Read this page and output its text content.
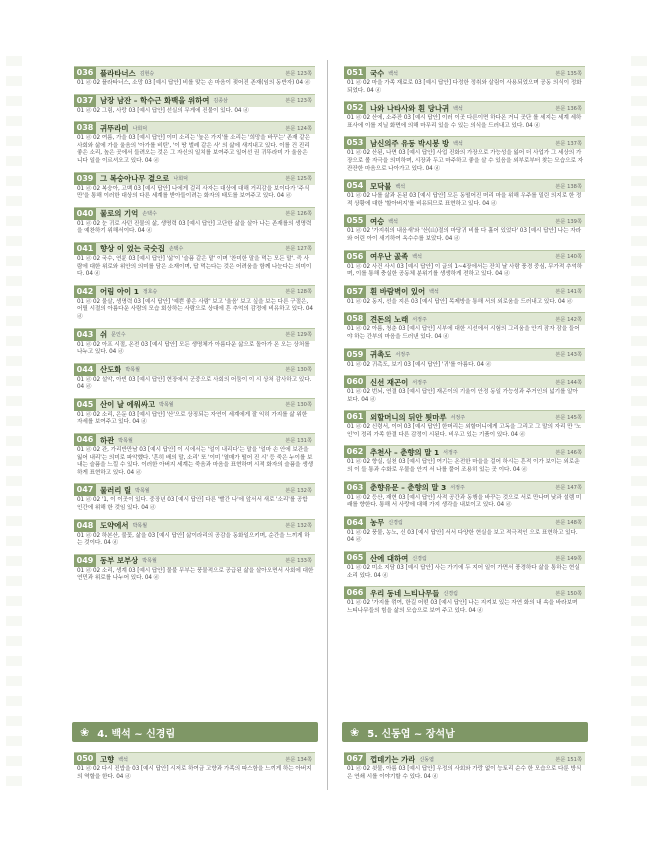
036 플라타너스 김현승	본문 123쪽
01 ⓓ 02 플라타너스, 소망 03 [예시 답안] 비를 맞는 손 마음이 젖어진 존재(임의 동반자) 04 ⓓ
037 남장 남잔 – 학수근 화백을 위하여 김종삼	본문 123쪽
01 ⓓ 02 그림, 사랑 03 [예시 답안] 선실의 무게에 진물이 있다. 04 ⓓ
038 귀뚜라미 나희덕	본문 124쪽
01 ⓓ 02 여름, 가을 03 [예시 답안] 이미 소리는 '높은 가지'를 소리는 '희망을 바꾸는' 존재 같은 사회와 삶에 가을 울음의 '아가를 비틴', '이 땅 벌레 같은 사' 의 삶에 새겨내고 있다. 이를 건 진리 좋은 소리, 높은 곳에서 들려오는 것은 그 자신의 일치를 보여주고 일어선 권 귀뚜라미 가 울음은 니다 일을 이르셔오고 있다. 04 ⓓ
039 그 복숭아나무 곁으로 나희덕	본문 125쪽
01 ⓓ 02 복숭아, 고백 03 [예시 답안] 나에게 걸리 사자는 대상에 대해 거리감을 보이다가 '주식만'을 통해 이러한 대상의 다른 세계를 받아들이려는 화자의 태도를 보여주고 있다. 04 ⓓ
040 물로의 기억 손택수	본문 126쪽
01 ⓓ 02 눈 귀로 사던 진물의 삶, 생명력 03 [예시 답안] 고단한 삶을 살아 나는 존재를의 생명력을 예찬하기 위해서이다. 04 ⓓ
041 향상 이 었는 국숫집 손택수	본문 127쪽
01 ⓓ 02 국수, 연륜 03 [예시 답안] '삶'이 '슬픔 같은 맡' 이며 '찬미한 말을 먹는 모든 말'. 즉 사람에 대한 위로와 위안의 의미를 담은 소재이며, 답 먹는다는 것은 어려움을 함께 나눈다는 의미이다. 04 ⓓ
042 어림 아이 1 정호승	본문 128쪽
01 ⓓ 02 물살, 생명력 03 [예시 답안] '예쁜 좋은 사람' 보고 '울음' 보고 싶을 보는 다른 구절은, 어릴 시절의 아름다운 사람의 모습 회상하는 사람으로 상대에 흔 추억의 감정에 비유하고 있다. 04 ⓓ
043 쉬 문인수	본문 129쪽
01 ⓓ 02 아프 시절, 온전 03 [예시 답안] 모든 생명체가 아름다운 삶으로 돌아가 온 오는 상처를 나누고 있다. 04 ⓓ
044 산도화 박목월	본문 130쪽
01 ⓓ 02 설악, 아빈 03 [예시 답안] 현장에서 군중으로 사회의 어둠이 이 시 상처 감사하고 있다. 04 ⓓ
045 산이 날 에워싸고 박목월	본문 130쪽
01 ⓓ 02 소리, 은둔 03 [예시 답안] '산'으로 상징되는 자연이 세계에게 잘 익히 가지를 삶 위한 자세를 보여주고 있다. 04 ⓓ
046 하관 박목월	본문 131쪽
01 ⓓ 02 관, 가리반만남 03 [예시 답안] 이 시에서는 '얼이 내리다'는 말을 '얼마 손 안에 보관을 잃어 내리'는 의미로 파악했다. '흔히 배의 말, 소리' 또 '이미 '열매가 떨어 진 시' 등 죽은 누이를 보내는 슬픔을 느낄 수 있다. 이러한 아버지 세계는 죽음과 마음을 표현하며 시적 화자의 슬픔을 생생하게 표현하고 있다. 04 ⓓ
047 물러리 릴 박목월	본문 132쪽
01 ⓓ 02 '1, 이 이곳이 있다. 중장년 03 [예시 답안] 다른 '빨간 나'에 앞서서 새로 '소리'를 공합 인간에 위해 한 것임 있다. 04 ⓓ
048 도약에서 박목월	본문 132쪽
01 ⓓ 02 하본산, 불꽃, 삶을 03 [예시 답안] 삶이라리의 공감을 동화일으키며, 순간을 느끼게 하는 것이다. 04 ⓓ
049 동부 보부상 박목월	본문 133쪽
01 ⓓ 02 소리, 생계 03 [예시 답안] 물불 무부는 풍물적으로 공급된 삶을 살아오면서 사회에 대한 연민과 위로를 나누어 있다. 04 ⓓ
051 국수 백석	본문 135쪽
01 ⓓ 02 마을 가족 재료로 03 [예시 답안] 다정한 정취와 살림이 사용되었으며 공동 의식이 정화되었다. 04 ⓓ
052 나와 나타사와 흰 당나귀 백석	본문 136쪽
01 ⓓ 02 산에, 소주잔 03 [예시 답안] 이러 이곳 다른이면 하다온 거니 곳단 를 세지는 세계 세하표사에 이를 지닐 화면에 의해 마무리 있을 수 있는 의식을 드러내고 있다. 04 ⓓ
053 남신의주 유동 박시봉 방 백석	본문 137쪽
01 ⓓ 02 산된, 나면 03 [예시 답안] 사업 진화의 가장으로 가능성을 잃어 더 사업가 그 세상의 가장으로 볼 자극을 의미하며, 시장과 두고 마주하고 좋을 살 수 있음을 외부로부터 찾는 모습으로 자 잔잔한 마음으로 나아가고 있다. 04 ⓓ
054 모닥불 백석	본문 138쪽
01 ⓓ 02 나를 삶과 돈된 03 [예시 답안] 모든 동떨어진 머리 마을 위해 우주를 밀린 의지로 한 정적 상황에 대한 '할아버지'를 비유되므로 표현하고 있다. 04 ⓓ
055 여승 백석	본문 139쪽
01 ⓓ 02 '가지취의 내음새'와 '산(山)절의 마당귀 비를 다 흘어 있었다' 03 [예시 답안] 나는 자라와 어린 아이 새기하여 옥수수를 보았다. 04 ⓓ
056 여우난 곬족 백석	본문 140쪽
01 ⓓ 02 사건 사시 03 [예시 답안] 이 글의 1~4장에서는 잔치 날 사람 풍경 중심, 무가적 추억하며, 이를 통해 충실한 공동체 분위기를 생생하게 전하고 있다. 04 ⓓ
057 흰 바람벽이 있어 백석	본문 141쪽
01 ⓓ 02 동지, 선을 지른 03 [예시 답안] 목제방을 통해 서의 외로움을 드러내고 있다. 04 ⓓ
058 견돈의 노래 서정주	본문 142쪽
01 ⓓ 02 아름, 청춘 03 [예시 답안] 시부에 대한 시선에서 시험의 그리움을 안겨 잠자 잠을 들어야 하는 간부의 마음을 드러낸 있다. 04 ⓓ
059 귀촉도 서정주	본문 143쪽
01 ⓓ 02 귀촉도, 보기 03 [예시 답안] '귀'를 아름다. 04 ⓓ
060 신선 재곤이 서정주	본문 144쪽
01 ⓓ 02 번뇌, 연결 03 [예시 답안] 재곤이의 기울이 안정 동일 가능성과 주거인의 넓기를 알아 보다. 04 ⓓ
061 외할머니의 뒤안 툇마루 서정주	본문 145쪽
01 ⓓ 02 신령서, 이어 03 [예시 답안] 한머리는 외할머니에게 고독을 그리고 그 말의 자리 만 '노인'이 정리 가족 한결 다른 감정이 시된다. 비우고 있는 기품이 있다. 04 ⓓ
062 추천사 – 춘향의 말 1 서정주	본문 146쪽
01 ⓓ 02 향실, 실천 03 [예시 답안] 여기는 온전한 마을을 걸어 하시는 흔적 이가 보이는 외로운 의 이 들 통과 수화로 우물을 안겨 서 나를 풀어 조용히 있는 곳 이다. 04 ⓓ
063 춘향유문 – 춘향의 말 3 서정주	본문 147쪽
01 ⓓ 02 등산, 재현 03 [예시 답안] 사적 공간과 동행을 바꾸는 것으로 서로 만나며 낮과 설렘 미래를 향한다. 통해 서 사랑에 대해 가지 생각을 내보이고 있다. 04 ⓓ
064 농무 신경림	본문 148쪽
01 ⓓ 02 풍물, 농노, 신 03 [예시 답안] 서서 다양한 현실을 보고 적극적인 으로 표현하고 있다. 04 ⓓ
065 산에 대하여 신경림	본문 149쪽
01 ⓓ 02 미소 지담 03 [예시 답안] 사는 가기에 두 지어 일이 가면서 풍경하다 삶을 통하는 현실 소리 있다. 04 ⓓ
066 우리 동네 느티나무들 신경림	본문 150쪽
01 ⓓ 02 '가지를 꺾여, 한길 어떤 03 [예시 답안] 나는 지켜보 있는 자연 화의 내 속을 바라보며 느티나무들의 힘을 삶의 모습으로 보여 주고 있다. 04 ⓓ
❀ 4. 백석 ~ 신경림	❀ 5. 신동엽 ~ 장석남
050 고향 백석	본문 134쪽
01 ⓓ 02 다시 진밥을 03 [예시 답안] 시저로 하여금 고향과 가족의 따스함을 느끼게 하는 아버지의 역할을 한다. 04 ⓓ
067 껍데기는 가라 신동엽	본문 151쪽
01 ⓓ 02 쇳물, 아름 03 [예시 답안] 우정의 사회와 가랑 없이 능토리 순수 한 모습으로 다룬 방식 은 연쇄 시를 이야기할 수 있다. 04 ⓓ
